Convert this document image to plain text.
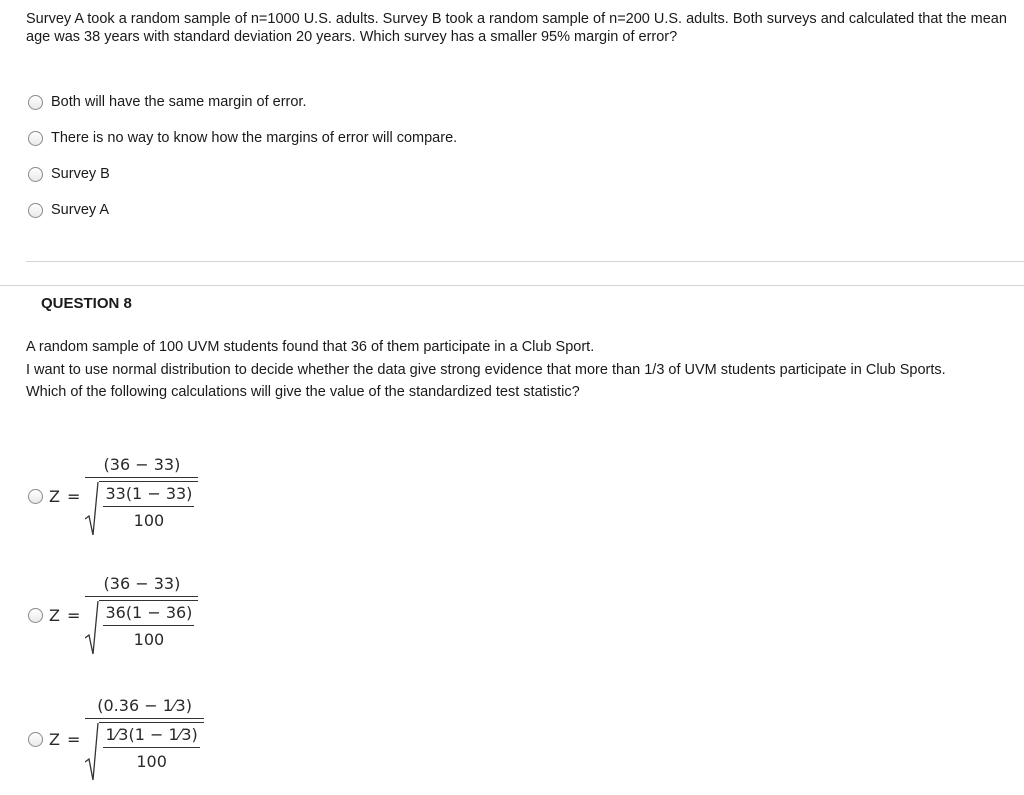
Survey A took a random sample of n=1000 U.S. adults. Survey B took a random sample of n=200 U.S. adults. Both surveys and calculated that the mean age was 38 years with standard deviation 20 years. Which survey has a smaller 95% margin of error?
Both will have the same margin of error.
There is no way to know how the margins of error will compare.
Survey B
Survey A
QUESTION 8

A random sample of 100 UVM students found that 36 of them participate in a Club Sport.

I want to use normal distribution to decide whether the data give strong evidence that more than 1/3 of UVM students participate in Club Sports.

Which of the following calculations will give the value of the standardized test statistic?

$Z = \frac{(36 - 33)}{\frac{33(1 - 33)}{100}}$
$Z = \frac{(36 - 33)}{\frac{36(1 - 36)}{100}}$
$Z = \frac{(0.36 - 1⁄3)}{\frac{1⁄3(1 - 1⁄3)}{100}}$
